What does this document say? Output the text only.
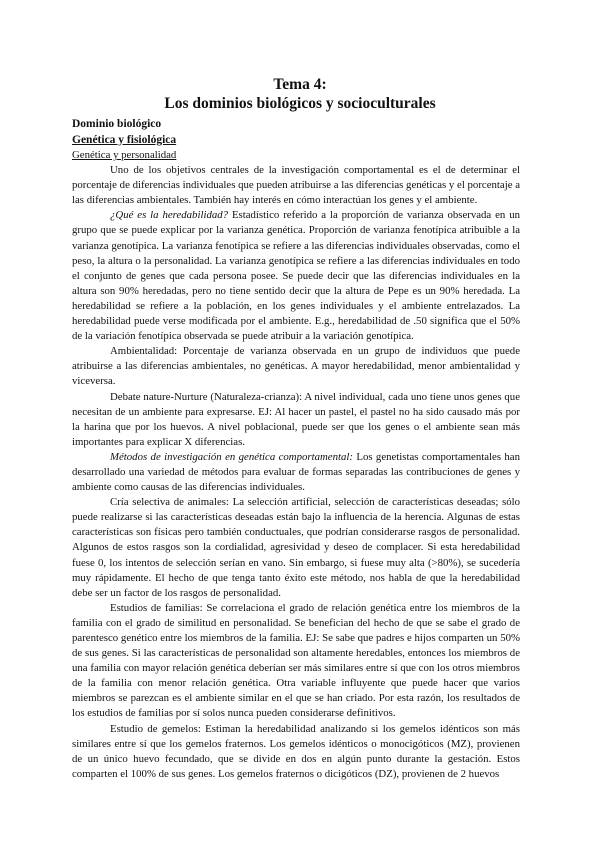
Tema 4:
Los dominios biológicos y socioculturales
Dominio biológico
Genética y fisiológica
Genética y personalidad

Uno de los objetivos centrales de la investigación comportamental es el de determinar el porcentaje de diferencias individuales que pueden atribuirse a las diferencias genéticas y el porcentaje a las diferencias ambientales. También hay interés en cómo interactúan los genes y el ambiente.

¿Qué es la heredabilidad? Estadístico referido a la proporción de varianza observada en un grupo que se puede explicar por la varianza genética. Proporción de varianza fenotípica atribuible a la varianza genotípica. La varianza fenotípica se refiere a las diferencias individuales observadas, como el peso, la altura o la personalidad. La varianza genotípica se refiere a las diferencias individuales en todo el conjunto de genes que cada persona posee. Se puede decir que las diferencias individuales en la altura son 90% heredadas, pero no tiene sentido decir que la altura de Pepe es un 90% heredada. La heredabilidad se refiere a la población, en los genes individuales y el ambiente entrelazados. La heredabilidad puede verse modificada por el ambiente. E.g., heredabilidad de .50 significa que el 50% de la variación fenotípica observada se puede atribuir a la variación genotípica.

Ambientalidad: Porcentaje de varianza observada en un grupo de individuos que puede atribuirse a las diferencias ambientales, no genéticas. A mayor heredabilidad, menor ambientalidad y viceversa.

Debate nature-Nurture (Naturaleza-crianza): A nivel individual, cada uno tiene unos genes que necesitan de un ambiente para expresarse. EJ: Al hacer un pastel, el pastel no ha sido causado más por la harina que por los huevos. A nivel poblacional, puede ser que los genes o el ambiente sean más importantes para explicar X diferencias.

Métodos de investigación en genética comportamental: Los genetistas comportamentales han desarrollado una variedad de métodos para evaluar de formas separadas las contribuciones de genes y ambiente como causas de las diferencias individuales.

Cría selectiva de animales: La selección artificial, selección de características deseadas; sólo puede realizarse si las características deseadas están bajo la influencia de la herencia. Algunas de estas características son físicas pero también conductuales, que podrían considerarse rasgos de personalidad. Algunos de estos rasgos son la cordialidad, agresividad y deseo de complacer. Si esta heredabilidad fuese 0, los intentos de selección serían en vano. Sin embargo, si fuese muy alta (>80%), se sucedería muy rápidamente. El hecho de que tenga tanto éxito este método, nos habla de que la heredabilidad debe ser un factor de los rasgos de personalidad.

Estudios de familias: Se correlaciona el grado de relación genética entre los miembros de la familia con el grado de similitud en personalidad. Se benefician del hecho de que se sabe el grado de parentesco genético entre los miembros de la familia. EJ: Se sabe que padres e hijos comparten un 50% de sus genes. Si las características de personalidad son altamente heredables, entonces los miembros de una familia con mayor relación genética deberían ser más similares entre sí que con los otros miembros de la familia con menor relación genética. Otra variable influyente que puede hacer que varios miembros se parezcan es el ambiente similar en el que se han criado. Por esta razón, los resultados de los estudios de familias por sí solos nunca pueden considerarse definitivos.

Estudio de gemelos: Estiman la heredabilidad analizando si los gemelos idénticos son más similares entre sí que los gemelos fraternos. Los gemelos idénticos o monocigóticos (MZ), provienen de un único huevo fecundado, que se divide en dos en algún punto durante la gestación. Estos comparten el 100% de sus genes. Los gemelos fraternos o dicigóticos (DZ), provienen de 2 huevos
